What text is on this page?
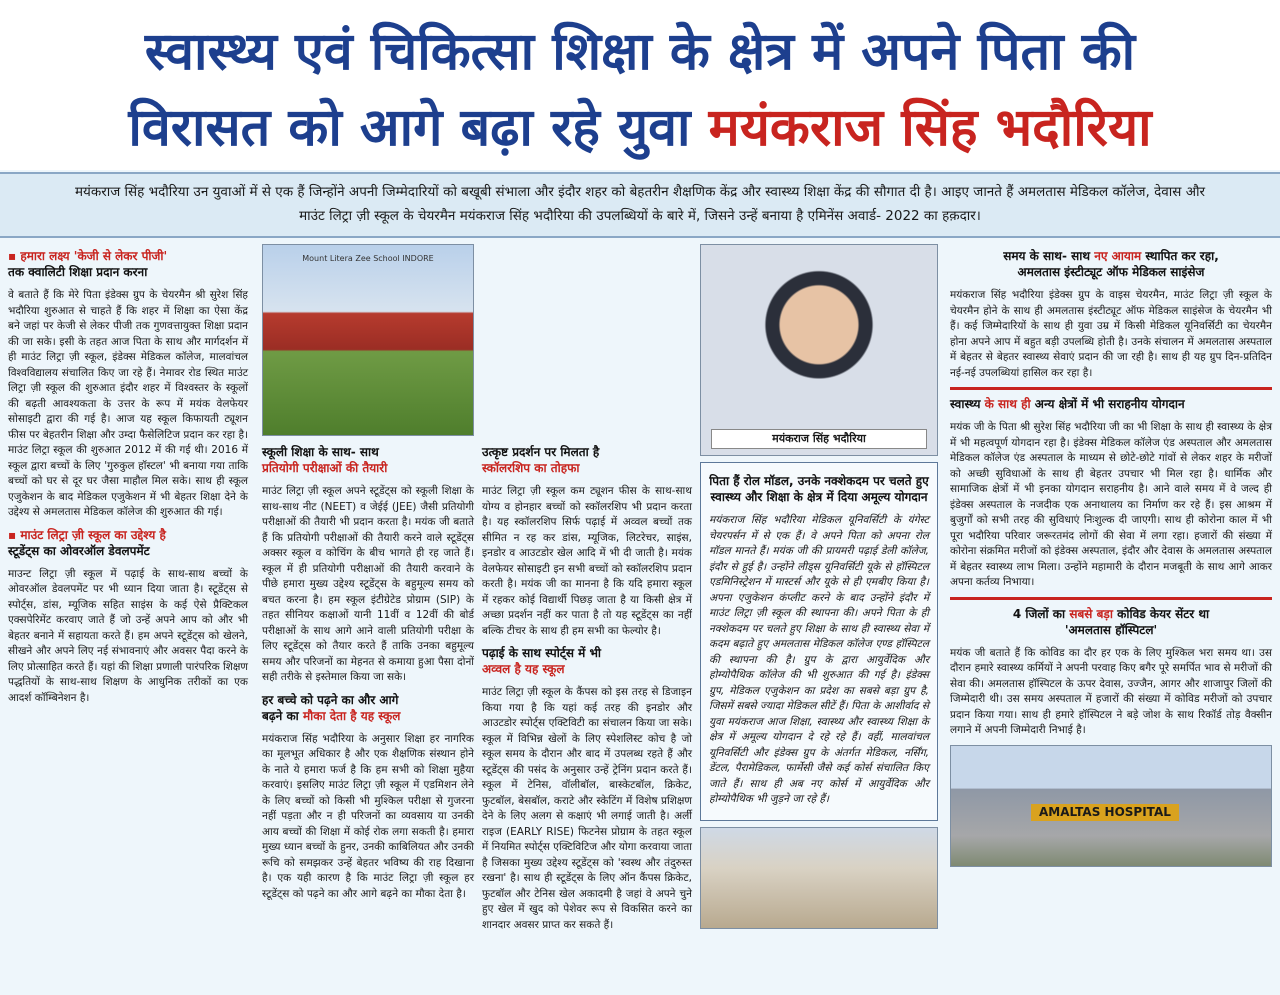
स्वास्थ्य एवं चिकित्सा शिक्षा के क्षेत्र में अपने पिता की
विरासत को आगे बढ़ा रहे युवा मयंकराज सिंह भदौरिया

मयंकराज सिंह भदौरिया उन युवाओं में से एक हैं जिन्होंने अपनी जिम्मेदारियों को बखूबी संभाला और इंदौर शहर को बेहतरीन शैक्षणिक केंद्र और स्वास्थ्य शिक्षा केंद्र की सौगात दी है। आइए जानते हैं अमलतास मेडिकल कॉलेज, देवास और माउंट लिट्रा ज़ी स्कूल के चेयरमैन मयंकराज सिंह भदौरिया की उपलब्धियों के बारे में, जिसने उन्हें बनाया है एमिनेंस अवार्ड- 2022 का हक़दार।

▪ हमारा लक्ष्य 'केजी से लेकर पीजी'
तक क्वालिटी शिक्षा प्रदान करना

वे बताते हैं कि मेरे पिता इंडेक्स ग्रुप के चेयरमैन श्री सुरेश सिंह भदौरिया शुरुआत से चाहते हैं कि शहर में शिक्षा का ऐसा केंद्र बने जहां पर केजी से लेकर पीजी तक गुणवत्तायुक्त शिक्षा प्रदान की जा सके। इसी के तहत आज पिता के साथ और मार्गदर्शन में ही माउंट लिट्रा ज़ी स्कूल, इंडेक्स मेडिकल कॉलेज, मालवांचल विश्वविद्यालय संचालित किए जा रहे हैं। नेमावर रोड स्थित माउंट लिट्रा ज़ी स्कूल की शुरुआत इंदौर शहर में विश्वस्तर के स्कूलों की बढ़ती आवश्यकता के उत्तर के रूप में मयंक वेलफेयर सोसाइटी द्वारा की गई है। आज यह स्कूल किफायती ट्यूशन फीस पर बेहतरीन शिक्षा और उम्दा फैसेलिटिज प्रदान कर रहा है। माउंट लिट्रा स्कूल की शुरुआत 2012 में की गई थी। 2016 में स्कूल द्वारा बच्चों के लिए 'गुरुकुल हॉस्टल' भी बनाया गया ताकि बच्चों को घर से दूर घर जैसा माहौल मिल सके। साथ ही स्कूल एजुकेशन के बाद मेडिकल एजुकेशन में भी बेहतर शिक्षा देने के उद्देश्य से अमलतास मेडिकल कॉलेज की शुरुआत की गई।

▪ माउंट लिट्रा ज़ी स्कूल का उद्देश्य है
स्टूडेंट्स का ओवरऑल डेवलपमेंट

माउन्ट लिट्रा ज़ी स्कूल में पढ़ाई के साथ-साथ बच्चों के ओवरऑल डेवलपमेंट पर भी ध्यान दिया जाता है। स्टूडेंट्स से स्पोर्ट्स, डांस, म्यूजिक सहित साइंस के कई ऐसे प्रैक्टिकल एक्सपेरिमेंट करवाए जाते हैं जो उन्हें अपने आप को और भी बेहतर बनाने में सहायता करते हैं। हम अपने स्टूडेंट्स को खेलने, सीखने और अपने लिए नई संभावनाएं और अवसर पैदा करने के लिए प्रोत्साहित करते हैं। यहां की शिक्षा प्रणाली पारंपरिक शिक्षण पद्धतियों के साथ-साथ शिक्षण के आधुनिक तरीकों का एक आदर्श कॉम्बिनेशन है।

Mount Litera Zee School INDORE
स्कूली शिक्षा के साथ- साथ
प्रतियोगी परीक्षाओं की तैयारी

माउंट लिट्रा ज़ी स्कूल अपने स्टूडेंट्स को स्कूली शिक्षा के साथ-साथ नीट (NEET) व जेईई (JEE) जैसी प्रतियोगी परीक्षाओं की तैयारी भी प्रदान करता है। मयंक जी बताते हैं कि प्रतियोगी परीक्षाओं की तैयारी करने वाले स्टूडेंट्स अक्सर स्कूल व कोचिंग के बीच भागते ही रह जाते हैं। स्कूल में ही प्रतियोगी परीक्षाओं की तैयारी करवाने के पीछे हमारा मुख्य उद्देश्य स्टूडेंट्स के बहुमूल्य समय को बचत करना है। हम स्कूल इंटीग्रेटेड प्रोग्राम (SIP) के तहत सीनियर कक्षाओं यानी 11वीं व 12वीं की बोर्ड परीक्षाओं के साथ आगे आने वाली प्रतियोगी परीक्षा के लिए स्टूडेंट्स को तैयार करते हैं ताकि उनका बहुमूल्य समय और परिजनों का मेहनत से कमाया हुआ पैसा दोनों सही तरीके से इस्तेमाल किया जा सके।

हर बच्चे को पढ़ने का और आगे
बढ़ने का मौका देता है यह स्कूल

मयंकराज सिंह भदौरिया के अनुसार शिक्षा हर नागरिक का मूलभूत अधिकार है और एक शैक्षणिक संस्थान होने के नाते ये हमारा फर्ज है कि हम सभी को शिक्षा मुहैया करवाएं। इसलिए माउंट लिट्रा ज़ी स्कूल में एडमिशन लेने के लिए बच्चों को किसी भी मुश्किल परीक्षा से गुजरना नहीं पड़ता और न ही परिजनों का व्यवसाय या उनकी आय बच्चों की शिक्षा में कोई रोक लगा सकती है। हमारा मुख्य ध्यान बच्चों के हुनर, उनकी काबिलियत और उनकी रूचि को समझकर उन्हें बेहतर भविष्य की राह दिखाना है। एक यही कारण है कि माउंट लिट्रा ज़ी स्कूल हर स्टूडेंट्स को पढ़ने का और आगे बढ़ने का मौका देता है।

उत्कृष्ट प्रदर्शन पर मिलता है
स्कॉलरशिप का तोहफा

माउंट लिट्रा ज़ी स्कूल कम ट्यूशन फीस के साथ-साथ योग्य व होनहार बच्चों को स्कॉलरशिप भी प्रदान करता है। यह स्कॉलरशिप सिर्फ पढ़ाई में अव्वल बच्चों तक सीमित न रह कर डांस, म्यूजिक, लिटरेचर, साइंस, इनडोर व आउटडोर खेल आदि में भी दी जाती है। मयंक वेलफेयर सोसाइटी इन सभी बच्चों को स्कॉलरशिप प्रदान करती है। मयंक जी का मानना है कि यदि हमारा स्कूल में रहकर कोई विद्यार्थी पिछड़ जाता है या किसी क्षेत्र में अच्छा प्रदर्शन नहीं कर पाता है तो यह स्टूडेंट्स का नहीं बल्कि टीचर के साथ ही हम सभी का फेल्योर है।

पढ़ाई के साथ स्पोर्ट्स में भी
अव्वल है यह स्कूल

माउंट लिट्रा ज़ी स्कूल के कैंपस को इस तरह से डिजाइन किया गया है कि यहां कई तरह की इनडोर और आउटडोर स्पोर्ट्स एक्टिविटी का संचालन किया जा सके। स्कूल में विभिन्न खेलों के लिए स्पेशलिस्ट कोच है जो स्कूल समय के दौरान और बाद में उपलब्ध रहते हैं और स्टूडेंट्स की पसंद के अनुसार उन्हें ट्रेनिंग प्रदान करते हैं। स्कूल में टेनिस, वॉलीबॉल, बास्केटबॉल, क्रिकेट, फुटबॉल, बेसबॉल, कराटे और स्केटिंग में विशेष प्रशिक्षण देने के लिए अलग से कक्षाएं भी लगाई जाती है। अर्ली राइज (EARLY RISE) फिटनेस प्रोग्राम के तहत स्कूल में नियमित स्पोर्ट्स एक्टिविटिज और योगा करवाया जाता है जिसका मुख्य उद्देश्य स्टूडेंट्स को 'स्वस्थ और तंदुरुस्त रखना' है। साथ ही स्टूडेंट्स के लिए ऑन कैंपस क्रिकेट, फुटबॉल और टेनिस खेल अकादमी है जहां वे अपने चुने हुए खेल में खुद को पेशेवर रूप से विकसित करने का शानदार अवसर प्राप्त कर सकते हैं।

मयंकराज सिंह भदौरिया
पिता हैं रोल मॉडल, उनके नक्शेकदम पर चलते हुए स्वास्थ्य और शिक्षा के क्षेत्र में दिया अमूल्य योगदान

मयंकराज सिंह भदौरिया मेडिकल यूनिवर्सिटी के यंगेस्ट चेयरपर्सन में से एक हैं। वे अपने पिता को अपना रोल मॉडल मानते हैं। मयंक जी की प्रायमरी पढ़ाई डेली कॉलेज, इंदौर से हुई है। उन्होंने लीड्स यूनिवर्सिटी यूके से हॉस्पिटल एडमिनिस्ट्रेशन में मास्टर्स और यूके से ही एमबीए किया है। अपना एजुकेशन कंप्लीट करने के बाद उन्होंने इंदौर में माउंट लिट्रा ज़ी स्कूल की स्थापना की। अपने पिता के ही नक्शेकदम पर चलते हुए शिक्षा के साथ ही स्वास्थ्य सेवा में कदम बढ़ाते हुए अमलतास मेडिकल कॉलेज एण्ड हॉस्पिटल की स्थापना की है। ग्रुप के द्वारा आयुर्वेदिक और होम्योपैथिक कॉलेज की भी शुरुआत की गई है। इंडेक्स ग्रुप, मेडिकल एजुकेशन का प्रदेश का सबसे बड़ा ग्रुप है, जिसमें सबसे ज्यादा मेडिकल सीटें हैं। पिता के आशीर्वाद से युवा मयंकराज आज शिक्षा, स्वास्थ्य और स्वास्थ्य शिक्षा के क्षेत्र में अमूल्य योगदान दे रहे रहे हैं। वहीं, मालवांचल यूनिवर्सिटी और इंडेक्स ग्रुप के अंतर्गत मेडिकल, नर्सिंग, डेंटल, पैरामेडिकल, फार्मेसी जैसे कई कोर्स संचालित किए जाते हैं। साथ ही अब नए कोर्स में आयुर्वेदिक और होम्योपैथिक भी जुड़ने जा रहे हैं।

समय के साथ- साथ नए आयाम स्थापित कर रहा,
अमलतास इंस्टीट्यूट ऑफ मेडिकल साइंसेज

मयंकराज सिंह भदौरिया इंडेक्स ग्रुप के वाइस चेयरमैन, माउंट लिट्रा ज़ी स्कूल के चेयरमैन होने के साथ ही अमलतास इंस्टीट्यूट ऑफ मेडिकल साइंसेज के चेयरमैन भी हैं। कई जिम्मेदारियों के साथ ही युवा उम्र में किसी मेडिकल यूनिवर्सिटी का चेयरमैन होना अपने आप में बहुत बड़ी उपलब्धि होती है। उनके संचालन में अमलतास अस्पताल में बेहतर से बेहतर स्वास्थ्य सेवाएं प्रदान की जा रही है। साथ ही यह ग्रुप दिन-प्रतिदिन नई-नई उपलब्धियां हासिल कर रहा है।

स्वास्थ्य के साथ ही अन्य क्षेत्रों में भी सराहनीय योगदान

मयंक जी के पिता श्री सुरेश सिंह भदौरिया जी का भी शिक्षा के साथ ही स्वास्थ्य के क्षेत्र में भी महत्वपूर्ण योगदान रहा है। इंडेक्स मेडिकल कॉलेज एंड अस्पताल और अमलतास मेडिकल कॉलेज एंड अस्पताल के माध्यम से छोटे-छोटे गांवों से लेकर शहर के मरीजों को अच्छी सुविधाओं के साथ ही बेहतर उपचार भी मिल रहा है। धार्मिक और सामाजिक क्षेत्रों में भी इनका योगदान सराहनीय है। आने वाले समय में वे जल्द ही इंडेक्स अस्पताल के नजदीक एक अनाथालय का निर्माण कर रहे हैं। इस आश्रम में बुजुर्गों को सभी तरह की सुविधाएं निःशुल्क दी जाएगी। साथ ही कोरोना काल में भी पूरा भदौरिया परिवार जरूरतमंद लोगों की सेवा में लगा रहा। हजारों की संख्या में कोरोना संक्रमित मरीजों को इंडेक्स अस्पताल, इंदौर और देवास के अमलतास अस्पताल में बेहतर स्वास्थ्य लाभ मिला। उन्होंने महामारी के दौरान मजबूती के साथ आगे आकर अपना कर्तव्य निभाया।

4 जिलों का सबसे बड़ा कोविड केयर सेंटर था
'अमलतास हॉस्पिटल'

मयंक जी बताते हैं कि कोविड का दौर हर एक के लिए मुश्किल भरा समय था। उस दौरान हमारे स्वास्थ्य कर्मियों ने अपनी परवाह किए बगैर पूरे समर्पित भाव से मरीजों की सेवा की। अमलतास हॉस्पिटल के ऊपर देवास, उज्जैन, आगर और शाजापुर जिलों की जिम्मेदारी थी। उस समय अस्पताल में हजारों की संख्या में कोविड मरीजों को उपचार प्रदान किया गया। साथ ही हमारे हॉस्पिटल ने बड़े जोश के साथ रिकॉर्ड तोड़ वैक्सीन लगाने में अपनी जिम्मेदारी निभाई है।

AMALTAS HOSPITAL
